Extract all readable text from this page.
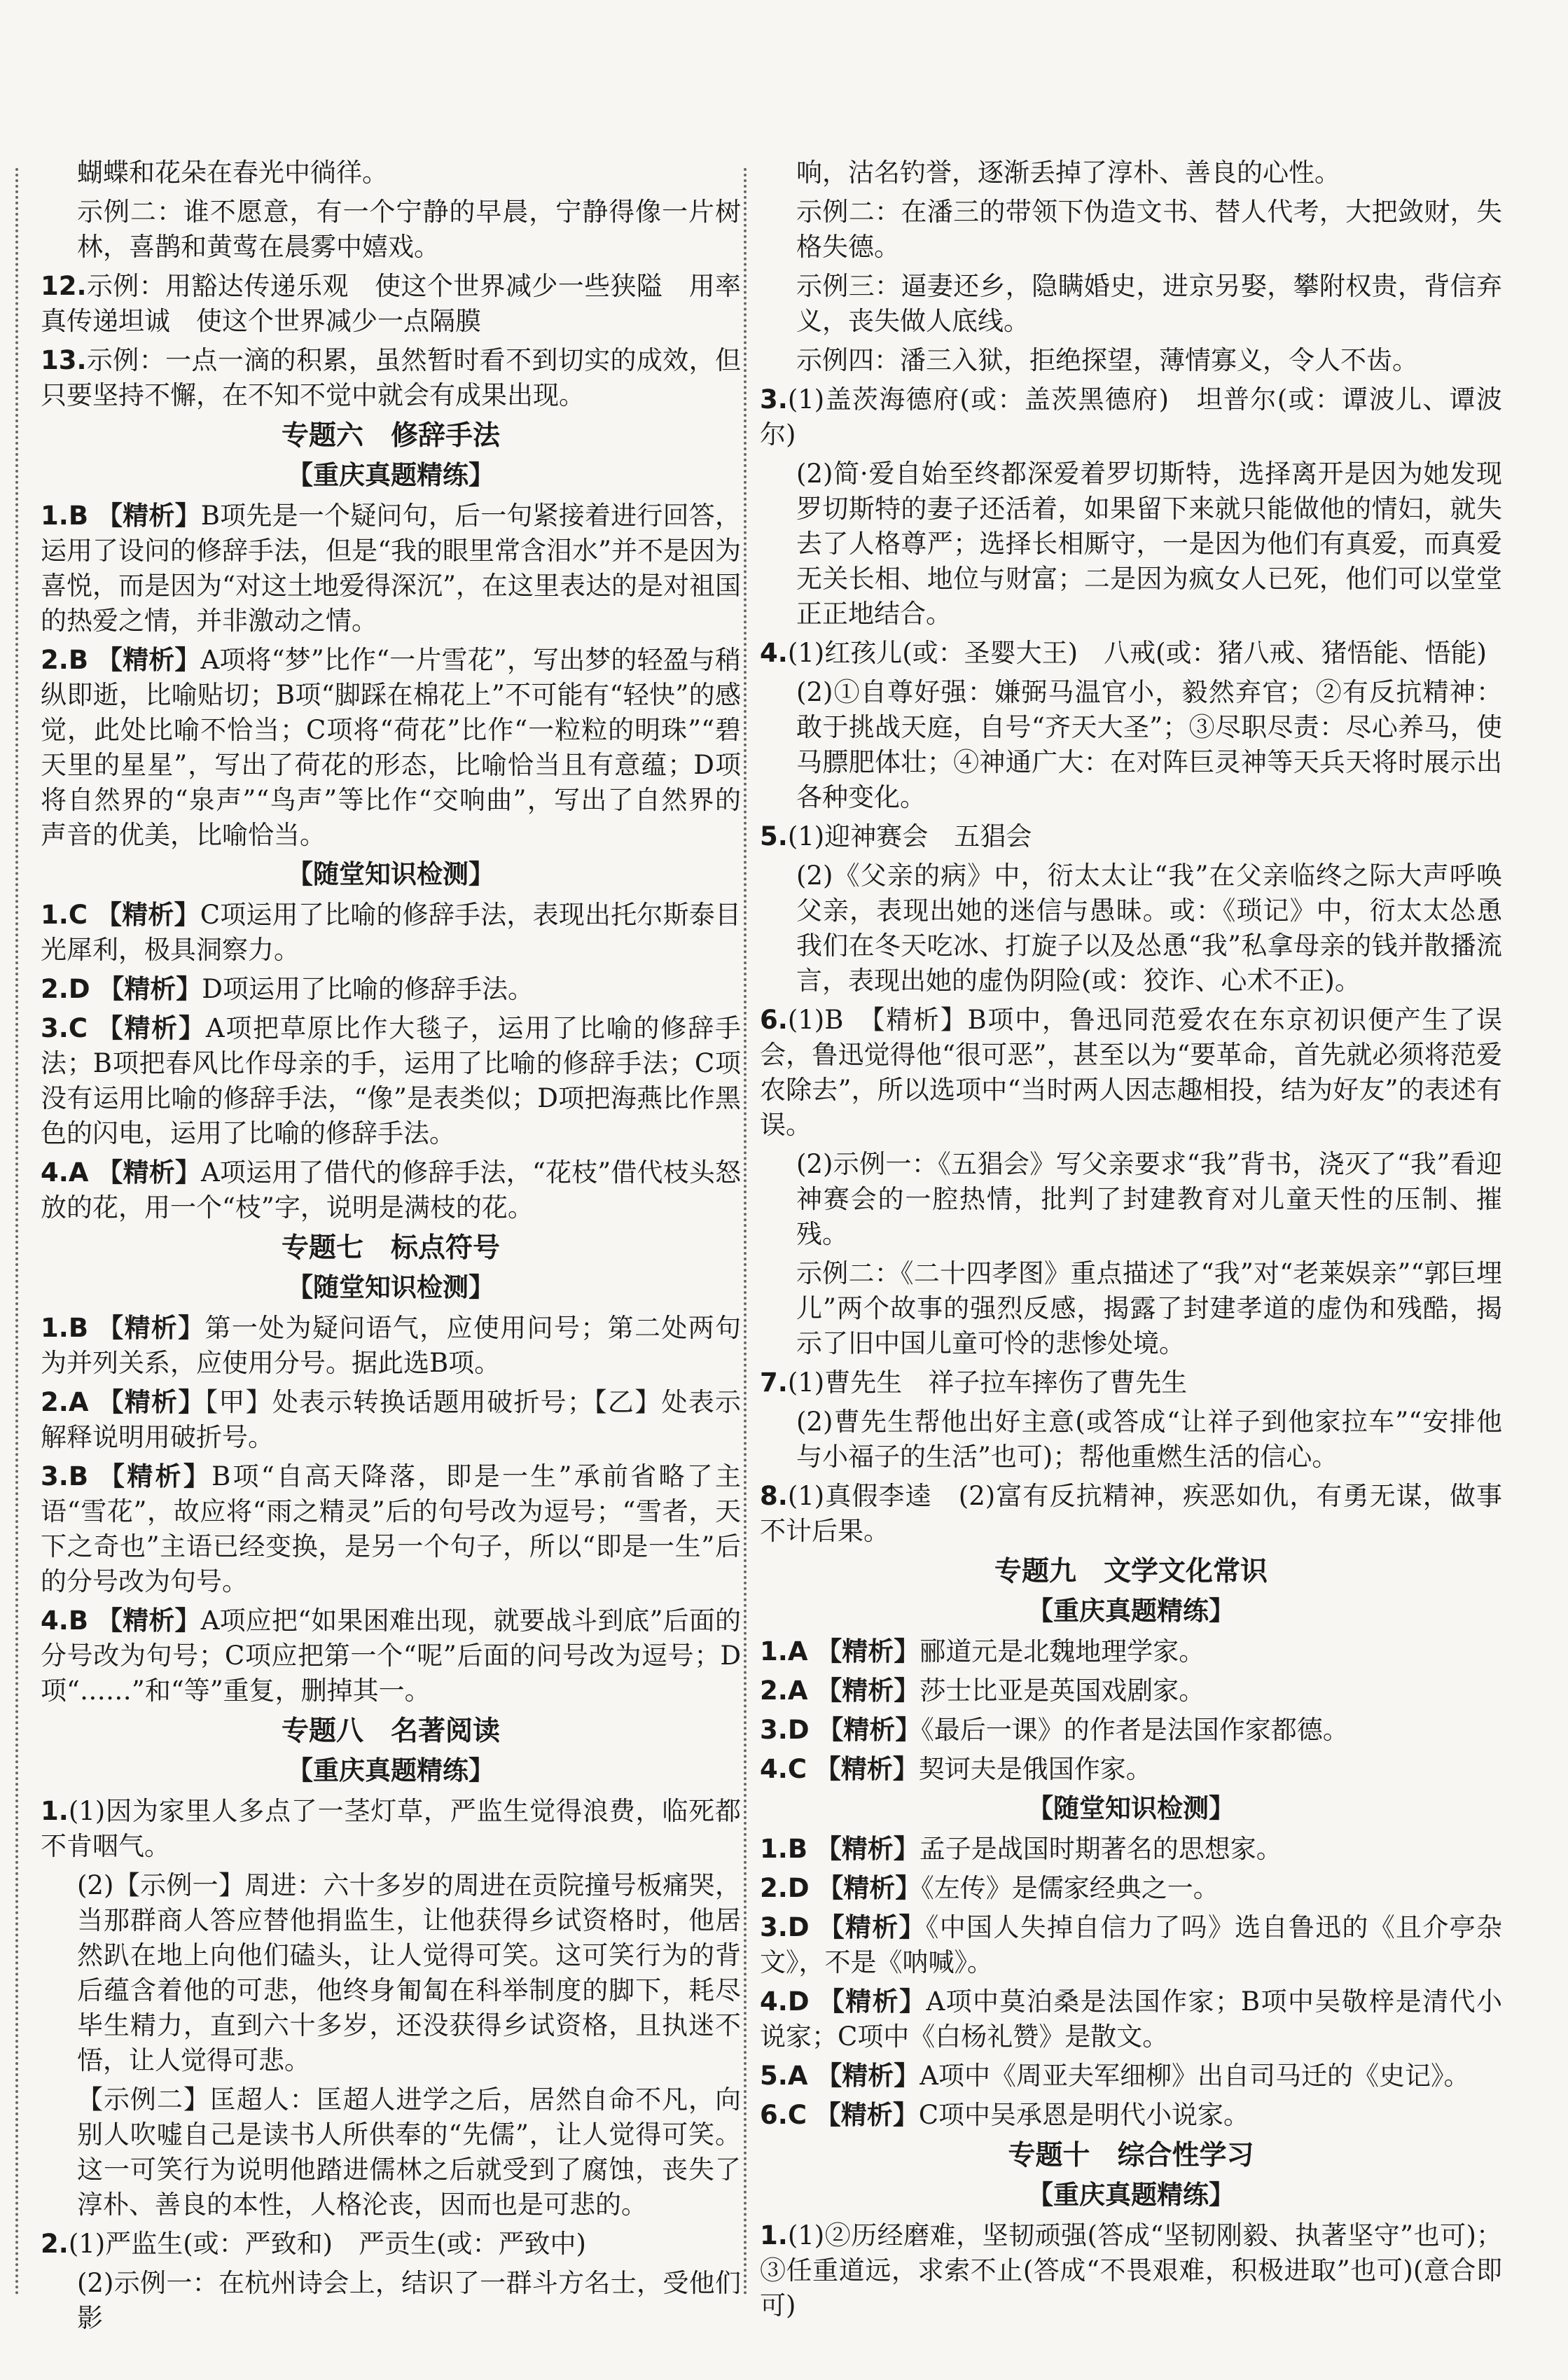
蝴蝶和花朵在春光中徜徉。
示例二：谁不愿意，有一个宁静的早晨，宁静得像一片树林，喜鹊和黄莺在晨雾中嬉戏。
12.示例：用豁达传递乐观　使这个世界减少一些狭隘　用率真传递坦诚　使这个世界减少一点隔膜
13.示例：一点一滴的积累，虽然暂时看不到切实的成效，但只要坚持不懈，在不知不觉中就会有成果出现。
专题六　修辞手法
【重庆真题精练】
1.B 【精析】B项先是一个疑问句，后一句紧接着进行回答，运用了设问的修辞手法，但是“我的眼里常含泪水”并不是因为喜悦，而是因为“对这土地爱得深沉”，在这里表达的是对祖国的热爱之情，并非激动之情。
2.B 【精析】A项将“梦”比作“一片雪花”，写出梦的轻盈与稍纵即逝，比喻贴切；B项“脚踩在棉花上”不可能有“轻快”的感觉，此处比喻不恰当；C项将“荷花”比作“一粒粒的明珠”“碧天里的星星”，写出了荷花的形态，比喻恰当且有意蕴；D项将自然界的“泉声”“鸟声”等比作“交响曲”，写出了自然界的声音的优美，比喻恰当。
【随堂知识检测】
1.C 【精析】C项运用了比喻的修辞手法，表现出托尔斯泰目光犀利，极具洞察力。
2.D 【精析】D项运用了比喻的修辞手法。
3.C 【精析】A项把草原比作大毯子，运用了比喻的修辞手法；B项把春风比作母亲的手，运用了比喻的修辞手法；C项没有运用比喻的修辞手法，“像”是表类似；D项把海燕比作黑色的闪电，运用了比喻的修辞手法。
4.A 【精析】A项运用了借代的修辞手法，“花枝”借代枝头怒放的花，用一个“枝”字，说明是满枝的花。
专题七　标点符号
【随堂知识检测】
1.B 【精析】第一处为疑问语气，应使用问号；第二处两句为并列关系，应使用分号。据此选B项。
2.A 【精析】【甲】处表示转换话题用破折号；【乙】处表示解释说明用破折号。
3.B 【精析】B项“自高天降落，即是一生”承前省略了主语“雪花”，故应将“雨之精灵”后的句号改为逗号；“雪者，天下之奇也”主语已经变换，是另一个句子，所以“即是一生”后的分号改为句号。
4.B 【精析】A项应把“如果困难出现，就要战斗到底”后面的分号改为句号；C项应把第一个“呢”后面的问号改为逗号；D项“……”和“等”重复，删掉其一。
专题八　名著阅读
【重庆真题精练】
1.(1)因为家里人多点了一茎灯草，严监生觉得浪费，临死都不肯咽气。
(2)【示例一】周进：六十多岁的周进在贡院撞号板痛哭，当那群商人答应替他捐监生，让他获得乡试资格时，他居然趴在地上向他们磕头，让人觉得可笑。这可笑行为的背后蕴含着他的可悲，他终身匍匐在科举制度的脚下，耗尽毕生精力，直到六十多岁，还没获得乡试资格，且执迷不悟，让人觉得可悲。
【示例二】匡超人：匡超人进学之后，居然自命不凡，向别人吹嘘自己是读书人所供奉的“先儒”，让人觉得可笑。这一可笑行为说明他踏进儒林之后就受到了腐蚀，丧失了淳朴、善良的本性，人格沦丧，因而也是可悲的。
2.(1)严监生(或：严致和)　严贡生(或：严致中)
(2)示例一：在杭州诗会上，结识了一群斗方名士，受他们影
响，沽名钓誉，逐渐丢掉了淳朴、善良的心性。
示例二：在潘三的带领下伪造文书、替人代考，大把敛财，失格失德。
示例三：逼妻还乡，隐瞒婚史，进京另娶，攀附权贵，背信弃义，丧失做人底线。
示例四：潘三入狱，拒绝探望，薄情寡义，令人不齿。
3.(1)盖茨海德府(或：盖茨黑德府)　坦普尔(或：谭波儿、谭波尔)
(2)简·爱自始至终都深爱着罗切斯特，选择离开是因为她发现罗切斯特的妻子还活着，如果留下来就只能做他的情妇，就失去了人格尊严；选择长相厮守，一是因为他们有真爱，而真爱无关长相、地位与财富；二是因为疯女人已死，他们可以堂堂正正地结合。
4.(1)红孩儿(或：圣婴大王)　八戒(或：猪八戒、猪悟能、悟能)
(2)①自尊好强：嫌弼马温官小，毅然弃官；②有反抗精神：敢于挑战天庭，自号“齐天大圣”；③尽职尽责：尽心养马，使马膘肥体壮；④神通广大：在对阵巨灵神等天兵天将时展示出各种变化。
5.(1)迎神赛会　五猖会
(2)《父亲的病》中，衍太太让“我”在父亲临终之际大声呼唤父亲，表现出她的迷信与愚昧。或：《琐记》中，衍太太怂恿我们在冬天吃冰、打旋子以及怂恿“我”私拿母亲的钱并散播流言，表现出她的虚伪阴险(或：狡诈、心术不正)。
6.(1)B　【精析】B项中，鲁迅同范爱农在东京初识便产生了误会，鲁迅觉得他“很可恶”，甚至以为“要革命，首先就必须将范爱农除去”，所以选项中“当时两人因志趣相投，结为好友”的表述有误。
(2)示例一：《五猖会》写父亲要求“我”背书，浇灭了“我”看迎神赛会的一腔热情，批判了封建教育对儿童天性的压制、摧残。
示例二：《二十四孝图》重点描述了“我”对“老莱娱亲”“郭巨埋儿”两个故事的强烈反感，揭露了封建孝道的虚伪和残酷，揭示了旧中国儿童可怜的悲惨处境。
7.(1)曹先生　祥子拉车摔伤了曹先生
(2)曹先生帮他出好主意(或答成“让祥子到他家拉车”“安排他与小福子的生活”也可)；帮他重燃生活的信心。
8.(1)真假李逵　(2)富有反抗精神，疾恶如仇，有勇无谋，做事不计后果。
专题九　文学文化常识
【重庆真题精练】
1.A 【精析】郦道元是北魏地理学家。
2.A 【精析】莎士比亚是英国戏剧家。
3.D 【精析】《最后一课》的作者是法国作家都德。
4.C 【精析】契诃夫是俄国作家。
【随堂知识检测】
1.B 【精析】孟子是战国时期著名的思想家。
2.D 【精析】《左传》是儒家经典之一。
3.D 【精析】《中国人失掉自信力了吗》选自鲁迅的《且介亭杂文》，不是《呐喊》。
4.D 【精析】A项中莫泊桑是法国作家；B项中吴敬梓是清代小说家；C项中《白杨礼赞》是散文。
5.A 【精析】A项中《周亚夫军细柳》出自司马迁的《史记》。
6.C 【精析】C项中吴承恩是明代小说家。
专题十　综合性学习
【重庆真题精练】
1.(1)②历经磨难，坚韧顽强(答成“坚韧刚毅、执著坚守”也可)；③任重道远，求索不止(答成“不畏艰难，积极进取”也可)(意合即可)
